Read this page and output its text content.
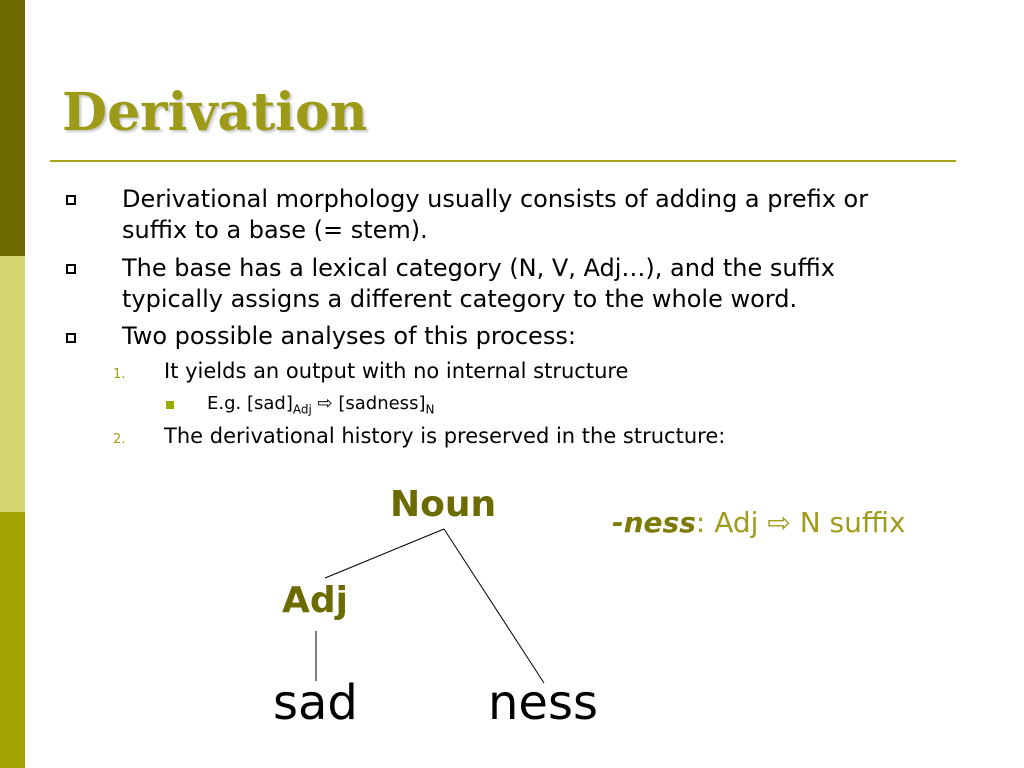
Derivation
Derivational morphology usually consists of adding a prefix or
suffix to a base (= stem).
The base has a lexical category (N, V, Adj…), and the suffix
typically assigns a different category to the whole word.
Two possible analyses of this process:
1. It yields an output with no internal structure
E.g. $[sad]_{Adj}$ ⇨ $[sadness]_N$
2. The derivational history is preserved in the structure:
Noun
Adj
sad	ness
-ness: Adj ⇨ N suffix
